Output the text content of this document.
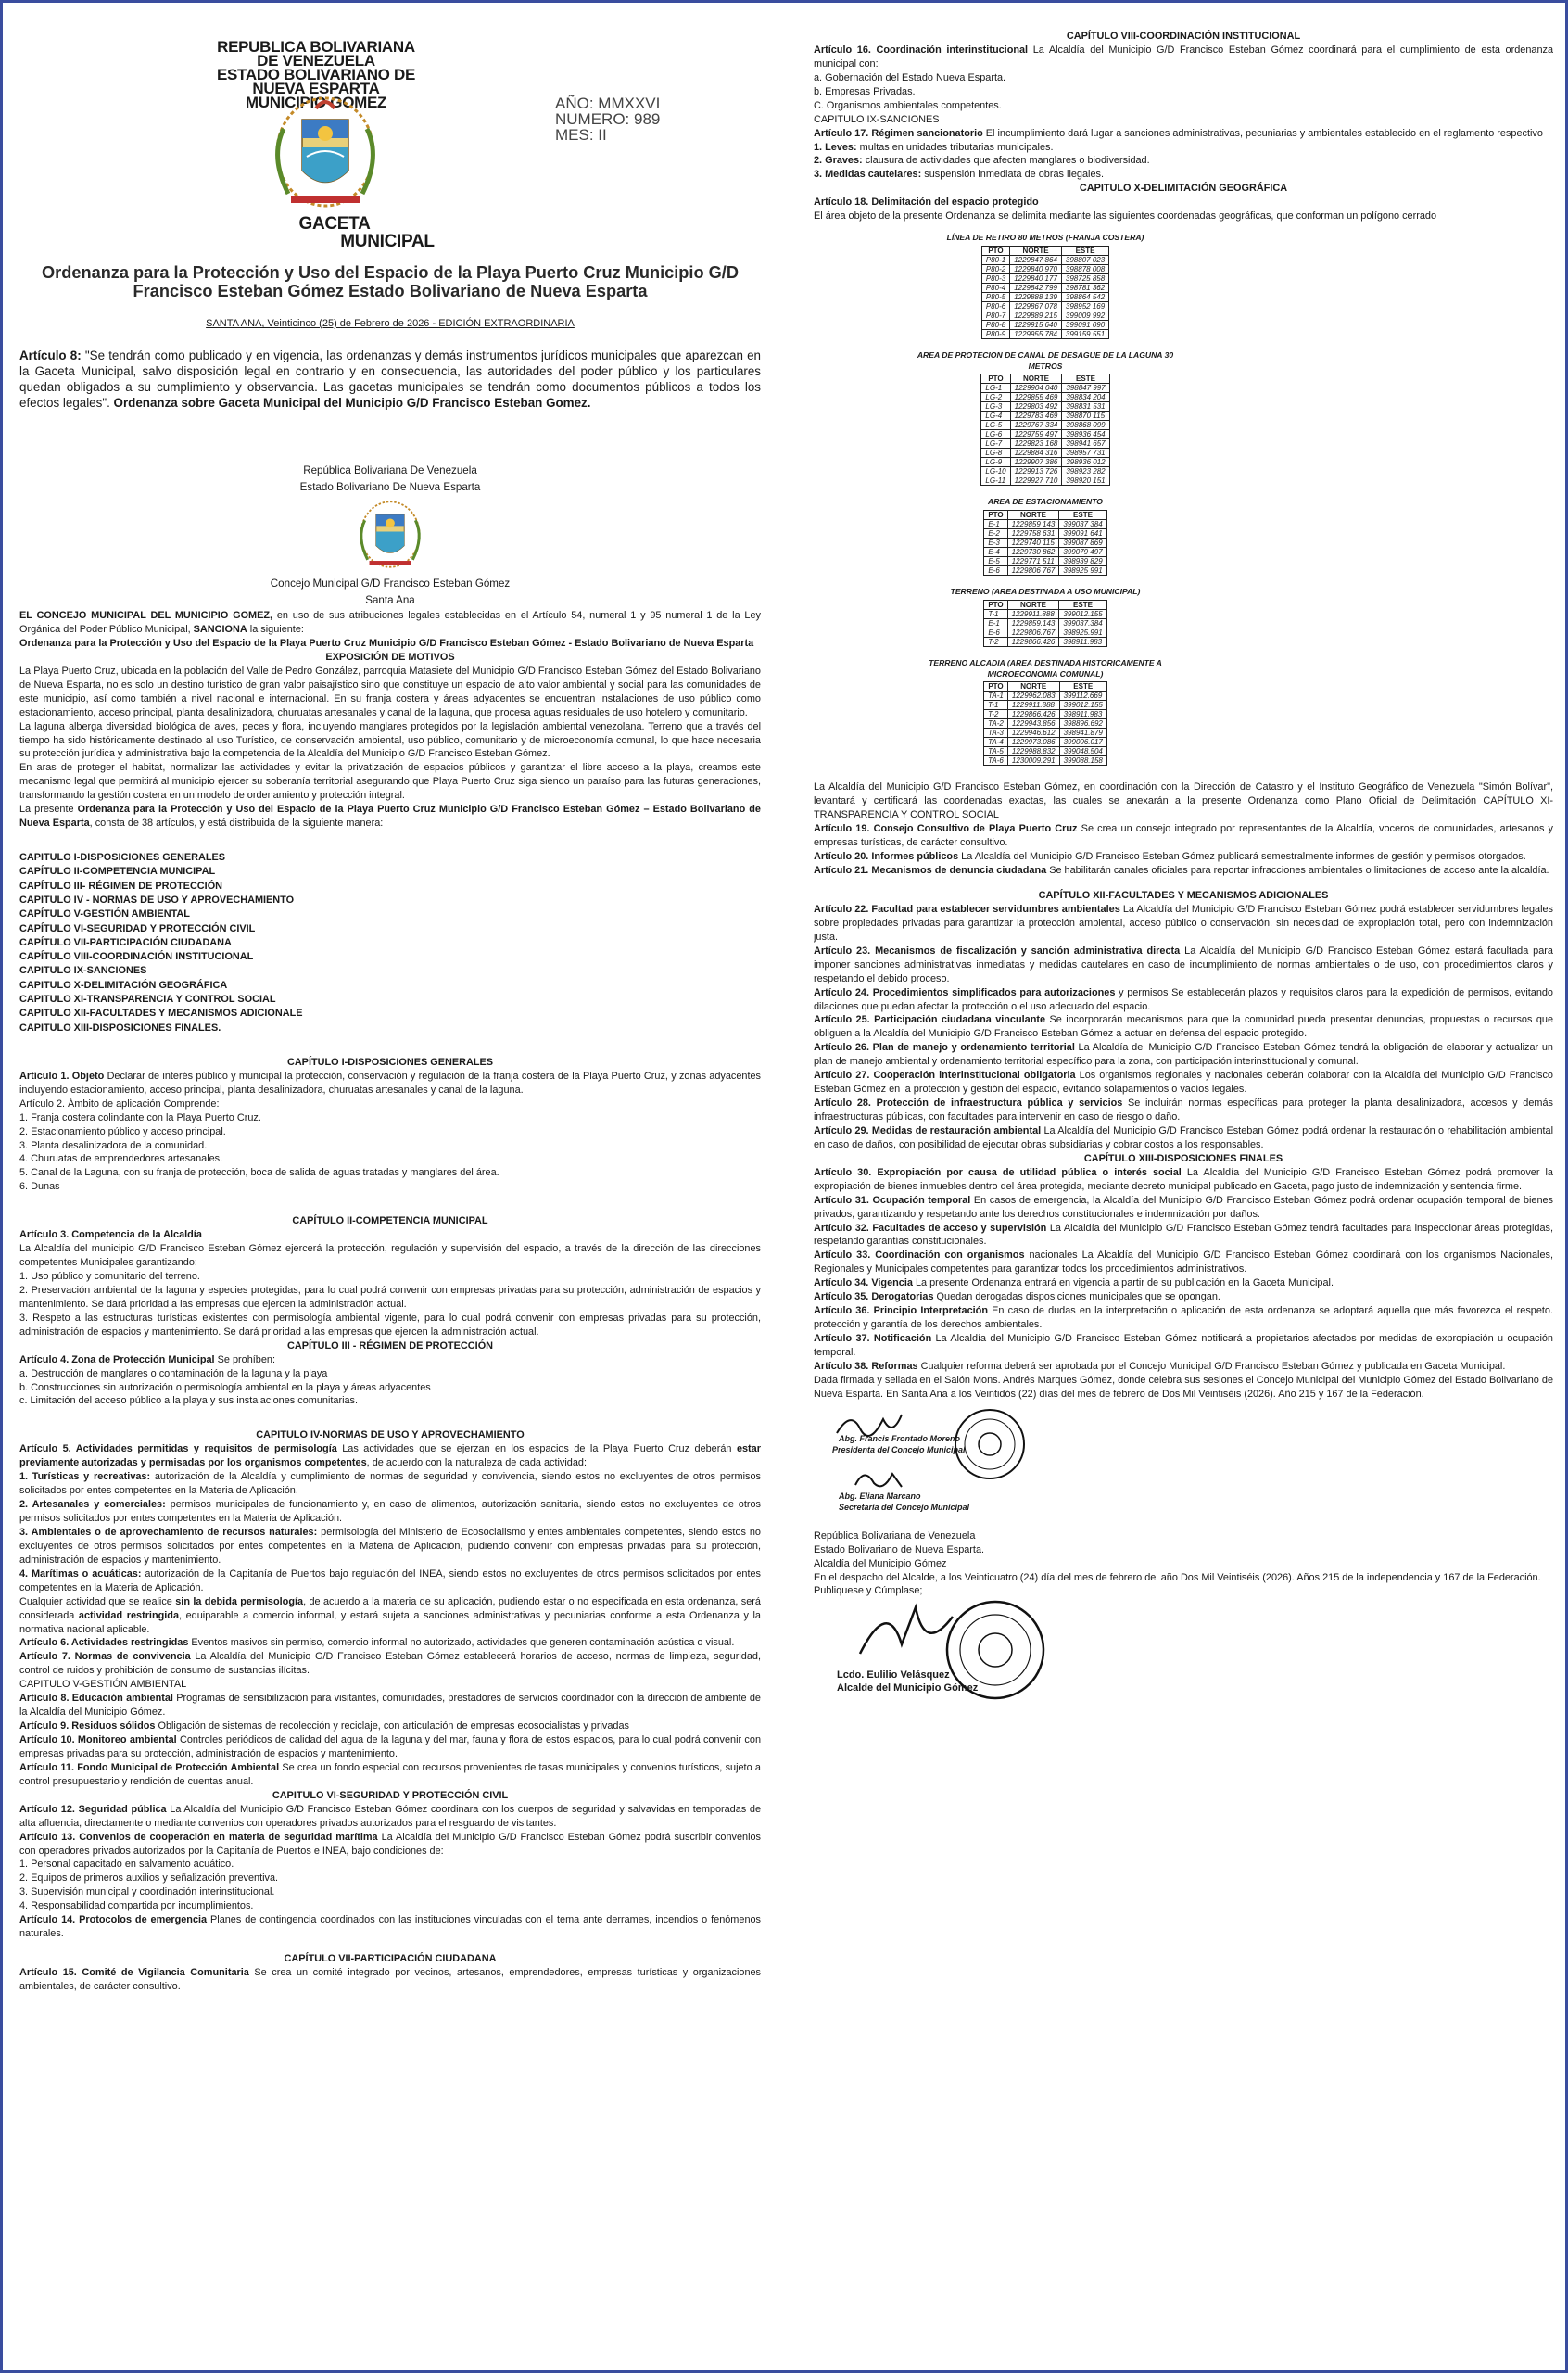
REPUBLICA BOLIVARIANA DE VENEZUELA
ESTADO BOLIVARIANO DE NUEVA ESPARTA
MUNICIPIO GOMEZ
GACETA
AÑO: MMXXVI
NUMERO: 989
MES: II
MUNICIPAL
Ordenanza para la Protección y Uso del Espacio de la Playa Puerto Cruz Municipio G/D Francisco Esteban Gómez Estado Bolivariano de Nueva Esparta
SANTA ANA, Veinticinco (25) de Febrero de 2026 - EDICIÓN EXTRAORDINARIA

Artículo 8: "Se tendrán como publicado y en vigencia, las ordenanzas y demás instrumentos jurídicos municipales que aparezcan en la Gaceta Municipal, salvo disposición legal en contrario y en consecuencia, las autoridades del poder público y los particulares quedan obligados a su cumplimiento y observancia. Las gacetas municipales se tendrán como documentos públicos a todos los efectos legales". Ordenanza sobre Gaceta Municipal del Municipio G/D Francisco Esteban Gomez.

República Bolivariana De Venezuela
Estado Bolivariano De Nueva Esparta
Concejo Municipal G/D Francisco Esteban Gómez
Santa Ana

EL CONCEJO MUNICIPAL DEL MUNICIPIO GOMEZ, en uso de sus atribuciones legales establecidas en el Artículo 54, numeral 1 y 95 numeral 1 de la Ley Orgánica del Poder Público Municipal, SANCIONA la siguiente:

Ordenanza para la Protección y Uso del Espacio de la Playa Puerto Cruz Municipio G/D Francisco Esteban Gómez - Estado Bolivariano de Nueva Esparta

EXPOSICIÓN DE MOTIVOS

La Playa Puerto Cruz, ubicada en la población del Valle de Pedro González, parroquia Matasiete del Municipio G/D Francisco Esteban Gómez del Estado Bolivariano de Nueva Esparta, no es solo un destino turístico de gran valor paisajístico sino que constituye un espacio de alto valor ambiental y social para las comunidades de este municipio, así como también a nivel nacional e internacional. En su franja costera y áreas adyacentes se encuentran instalaciones de uso público como estacionamiento, acceso principal, planta desalinizadora, churuatas artesanales y canal de la laguna, que procesa aguas residuales de uso hotelero y comunitario.

La laguna alberga diversidad biológica de aves, peces y flora, incluyendo manglares protegidos por la legislación ambiental venezolana. Terreno que a través del tiempo ha sido históricamente destinado al uso Turístico, de conservación ambiental, uso público, comunitario y de microeconomía comunal, lo que hace necesaria su protección jurídica y administrativa bajo la competencia de la Alcaldía del Municipio G/D Francisco Esteban Gómez.

En aras de proteger el habitat, normalizar las actividades y evitar la privatización de espacios públicos y garantizar el libre acceso a la playa, creamos este mecanismo legal que permitirá al municipio ejercer su soberanía territorial asegurando que Playa Puerto Cruz siga siendo un paraíso para las futuras generaciones, transformando la gestión costera en un modelo de ordenamiento y protección integral.

La presente Ordenanza para la Protección y Uso del Espacio de la Playa Puerto Cruz Municipio G/D Francisco Esteban Gómez – Estado Bolivariano de Nueva Esparta, consta de 38 artículos, y está distribuida de la siguiente manera:

CAPITULO I-DISPOSICIONES GENERALES
CAPÍTULO II-COMPETENCIA MUNICIPAL
CAPÍTULO III- RÉGIMEN DE PROTECCIÓN
CAPITULO IV - NORMAS DE USO Y APROVECHAMIENTO
CAPÍTULO V-GESTIÓN AMBIENTAL
CAPÍTULO VI-SEGURIDAD Y PROTECCIÓN CIVIL
CAPÍTULO VII-PARTICIPACIÓN CIUDADANA
CAPÍTULO VIII-COORDINACIÓN INSTITUCIONAL
CAPITULO IX-SANCIONES
CAPITULO X-DELIMITACIÓN GEOGRÁFICA
CAPITULO XI-TRANSPARENCIA Y CONTROL SOCIAL
CAPITULO XII-FACULTADES Y MECANISMOS ADICIONALE
CAPITULO XIII-DISPOSICIONES FINALES.

CAPÍTULO I-DISPOSICIONES GENERALES

Artículo 1. Objeto Declarar de interés público y municipal la protección, conservación y regulación de la franja costera de la Playa Puerto Cruz, y zonas adyacentes incluyendo estacionamiento, acceso principal, planta desalinizadora, churuatas artesanales y canal de la laguna.

Artículo 2. Ámbito de aplicación Comprende:

1. Franja costera colindante con la Playa Puerto Cruz.

2. Estacionamiento público y acceso principal.

3. Planta desalinizadora de la comunidad.

4. Churuatas de emprendedores artesanales.

5. Canal de la Laguna, con su franja de protección, boca de salida de aguas tratadas y manglares del área.

6. Dunas

CAPÍTULO II-COMPETENCIA MUNICIPAL

Artículo 3. Competencia de la Alcaldía

La Alcaldía del municipio G/D Francisco Esteban Gómez ejercerá la protección, regulación y supervisión del espacio, a través de la dirección de las direcciones competentes Municipales garantizando:

1. Uso público y comunitario del terreno.

2. Preservación ambiental de la laguna y especies protegidas, para lo cual podrá convenir con empresas privadas para su protección, administración de espacios y mantenimiento. Se dará prioridad a las empresas que ejercen la administración actual.

3. Respeto a las estructuras turísticas existentes con permisología ambiental vigente, para lo cual podrá convenir con empresas privadas para su protección, administración de espacios y mantenimiento. Se dará prioridad a las empresas que ejercen la administración actual.

CAPÍTULO III - RÉGIMEN DE PROTECCIÓN

Artículo 4. Zona de Protección Municipal Se prohíben:

a. Destrucción de manglares o contaminación de la laguna y la playa

b. Construcciones sin autorización o permisología ambiental en la playa y áreas adyacentes

c. Limitación del acceso público a la playa y sus instalaciones comunitarias.

CAPITULO IV-NORMAS DE USO Y APROVECHAMIENTO

Artículo 5. Actividades permitidas y requisitos de permisología Las actividades que se ejerzan en los espacios de la Playa Puerto Cruz deberán estar previamente autorizadas y permisadas por los organismos competentes, de acuerdo con la naturaleza de cada actividad:

1. Turísticas y recreativas: autorización de la Alcaldía y cumplimiento de normas de seguridad y convivencia, siendo estos no excluyentes de otros permisos solicitados por entes competentes en la Materia de Aplicación.

2. Artesanales y comerciales: permisos municipales de funcionamiento y, en caso de alimentos, autorización sanitaria, siendo estos no excluyentes de otros permisos solicitados por entes competentes en la Materia de Aplicación.

3. Ambientales o de aprovechamiento de recursos naturales: permisología del Ministerio de Ecosocialismo y entes ambientales competentes, siendo estos no excluyentes de otros permisos solicitados por entes competentes en la Materia de Aplicación, pudiendo convenir con empresas privadas para su protección, administración de espacios y mantenimiento.

4. Marítimas o acuáticas: autorización de la Capitanía de Puertos bajo regulación del INEA, siendo estos no excluyentes de otros permisos solicitados por entes competentes en la Materia de Aplicación.

Cualquier actividad que se realice sin la debida permisología, de acuerdo a la materia de su aplicación, pudiendo estar o no especificada en esta ordenanza, será considerada actividad restringida, equiparable a comercio informal, y estará sujeta a sanciones administrativas y pecuniarias conforme a esta Ordenanza y la normativa nacional aplicable.

Artículo 6. Actividades restringidas Eventos masivos sin permiso, comercio informal no autorizado, actividades que generen contaminación acústica o visual.

Artículo 7. Normas de convivencia La Alcaldía del Municipio G/D Francisco Esteban Gómez establecerá horarios de acceso, normas de limpieza, seguridad, control de ruidos y prohibición de consumo de sustancias ilícitas.

CAPITULO V-GESTIÓN AMBIENTAL

Artículo 8. Educación ambiental Programas de sensibilización para visitantes, comunidades, prestadores de servicios coordinador con la dirección de ambiente de la Alcaldía del Municipio Gómez.

Artículo 9. Residuos sólidos Obligación de sistemas de recolección y reciclaje, con articulación de empresas ecosocialistas y privadas

Artículo 10. Monitoreo ambiental Controles periódicos de calidad del agua de la laguna y del mar, fauna y flora de estos espacios, para lo cual podrá convenir con empresas privadas para su protección, administración de espacios y mantenimiento.

Artículo 11. Fondo Municipal de Protección Ambiental Se crea un fondo especial con recursos provenientes de tasas municipales y convenios turísticos, sujeto a control presupuestario y rendición de cuentas anual.

CAPITULO VI-SEGURIDAD Y PROTECCIÓN CIVIL

Artículo 12. Seguridad pública La Alcaldía del Municipio G/D Francisco Esteban Gómez coordinara con los cuerpos de seguridad y salvavidas en temporadas de alta afluencia, directamente o mediante convenios con operadores privados autorizados para el resguardo de visitantes.

Artículo 13. Convenios de cooperación en materia de seguridad marítima La Alcaldía del Municipio G/D Francisco Esteban Gómez podrá suscribir convenios con operadores privados autorizados por la Capitanía de Puertos e INEA, bajo condiciones de:

1. Personal capacitado en salvamento acuático.

2. Equipos de primeros auxilios y señalización preventiva.

3. Supervisión municipal y coordinación interinstitucional.

4. Responsabilidad compartida por incumplimientos.

Artículo 14. Protocolos de emergencia Planes de contingencia coordinados con las instituciones vinculadas con el tema ante derrames, incendios o fenómenos naturales.

CAPÍTULO VII-PARTICIPACIÓN CIUDADANA

Artículo 15. Comité de Vigilancia Comunitaria Se crea un comité integrado por vecinos, artesanos, emprendedores, empresas turísticas y organizaciones ambientales, de carácter consultivo.

CAPÍTULO VIII-COORDINACIÓN INSTITUCIONAL

Artículo 16. Coordinación interinstitucional La Alcaldía del Municipio G/D Francisco Esteban Gómez coordinará para el cumplimiento de esta ordenanza municipal con:

a. Gobernación del Estado Nueva Esparta.

b. Empresas Privadas.

C. Organismos ambientales competentes.

CAPITULO IX-SANCIONES

Artículo 17. Régimen sancionatorio El incumplimiento dará lugar a sanciones administrativas, pecuniarias y ambientales establecido en el reglamento respectivo

1. Leves: multas en unidades tributarias municipales.

2. Graves: clausura de actividades que afecten manglares o biodiversidad.

3. Medidas cautelares: suspensión inmediata de obras ilegales.

CAPITULO X-DELIMITACIÓN GEOGRÁFICA

Artículo 18. Delimitación del espacio protegido

El área objeto de la presente Ordenanza se delimita mediante las siguientes coordenadas geográficas, que conforman un polígono cerrado

LÍNEA DE RETIRO 80 METROS (FRANJA COSTERA)
PTO	NORTE	ESTE
P80-1	1229847 864	398807 023
P80-2	1229840 970	398878 008
P80-3	1229840 177	398725 858
P80-4	1229842 799	398781 362
P80-5	1229888 139	398864 542
P80-6	1229867 078	398952 169
P80-7	1229889 215	399009 992
P80-8	1229915 640	399091 090
P80-9	1229955 784	399159 551
AREA DE PROTECION DE CANAL DE DESAGUE DE LA LAGUNA 30 METROS
PTO	NORTE	ESTE
LG-1	1229904 040	398847 997
LG-2	1229855 469	398834 204
LG-3	1229803 492	398831 531
LG-4	1229783 469	398870 115
LG-5	1229767 334	398868 099
LG-6	1229759 497	398936 454
LG-7	1229823 168	398941 657
LG-8	1229884 316	398957 731
LG-9	1229907 386	398936 012
LG-10	1229913 726	398923 282
LG-11	1229927 710	398920 151
AREA DE ESTACIONAMIENTO
PTO	NORTE	ESTE
E-1	1229859 143	399037 384
E-2	1229758 631	399091 641
E-3	1229740 115	399087 869
E-4	1229730 862	399079 497
E-5	1229771 511	398939 829
E-6	1229806 767	398925 991
TERRENO (AREA DESTINADA A USO MUNICIPAL)
PTO	NORTE	ESTE
T-1	1229911.888	399012.155
E-1	1229859.143	399037.384
E-6	1229806.767	398925.991
T-2	1229866.426	398911.983
TERRENO ALCADIA (AREA DESTINADA HISTORICAMENTE A MICROECONOMIA COMUNAL)
PTO	NORTE	ESTE
TA-1	1229962.083	399112.669
T-1	1229911.888	399012.155
T-2	1229866.426	398911.983
TA-2	1229943.856	398896.692
TA-3	1229946.612	398941.879
TA-4	1229973.086	399006.017
TA-5	1229988.832	399048.504
TA-6	1230009.291	399088.158

La Alcaldía del Municipio G/D Francisco Esteban Gómez, en coordinación con la Dirección de Catastro y el Instituto Geográfico de Venezuela "Simón Bolívar", levantará y certificará las coordenadas exactas, las cuales se anexarán a la presente Ordenanza como Plano Oficial de Delimitación CAPÍTULO XI-TRANSPARENCIA Y CONTROL SOCIAL

Artículo 19. Consejo Consultivo de Playa Puerto Cruz Se crea un consejo integrado por representantes de la Alcaldía, voceros de comunidades, artesanos y empresas turísticas, de carácter consultivo.

Artículo 20. Informes públicos La Alcaldía del Municipio G/D Francisco Esteban Gómez publicará semestralmente informes de gestión y permisos otorgados.

Artículo 21. Mecanismos de denuncia ciudadana Se habilitarán canales oficiales para reportar infracciones ambientales o limitaciones de acceso ante la alcaldía.

CAPÍTULO XII-FACULTADES Y MECANISMOS ADICIONALES

Artículo 22. Facultad para establecer servidumbres ambientales La Alcaldía del Municipio G/D Francisco Esteban Gómez podrá establecer servidumbres legales sobre propiedades privadas para garantizar la protección ambiental, acceso público o conservación, sin necesidad de expropiación total, pero con indemnización justa.

Artículo 23. Mecanismos de fiscalización y sanción administrativa directa La Alcaldía del Municipio G/D Francisco Esteban Gómez estará facultada para imponer sanciones administrativas inmediatas y medidas cautelares en caso de incumplimiento de normas ambientales o de uso, con procedimientos claros y respetando el debido proceso.

Artículo 24. Procedimientos simplificados para autorizaciones y permisos Se establecerán plazos y requisitos claros para la expedición de permisos, evitando dilaciones que puedan afectar la protección o el uso adecuado del espacio.

Artículo 25. Participación ciudadana vinculante Se incorporarán mecanismos para que la comunidad pueda presentar denuncias, propuestas o recursos que obliguen a la Alcaldía del Municipio G/D Francisco Esteban Gómez a actuar en defensa del espacio protegido.

Artículo 26. Plan de manejo y ordenamiento territorial La Alcaldía del Municipio G/D Francisco Esteban Gómez tendrá la obligación de elaborar y actualizar un plan de manejo ambiental y ordenamiento territorial específico para la zona, con participación interinstitucional y comunal.

Artículo 27. Cooperación interinstitucional obligatoria Los organismos regionales y nacionales deberán colaborar con la Alcaldía del Municipio G/D Francisco Esteban Gómez en la protección y gestión del espacio, evitando solapamientos o vacíos legales.

Artículo 28. Protección de infraestructura pública y servicios Se incluirán normas específicas para proteger la planta desalinizadora, accesos y demás infraestructuras públicas, con facultades para intervenir en caso de riesgo o daño.

Artículo 29. Medidas de restauración ambiental La Alcaldía del Municipio G/D Francisco Esteban Gómez podrá ordenar la restauración o rehabilitación ambiental en caso de daños, con posibilidad de ejecutar obras subsidiarias y cobrar costos a los responsables.

CAPÍTULO XIII-DISPOSICIONES FINALES

Artículo 30. Expropiación por causa de utilidad pública o interés social La Alcaldía del Municipio G/D Francisco Esteban Gómez podrá promover la expropiación de bienes inmuebles dentro del área protegida, mediante decreto municipal publicado en Gaceta, pago justo de indemnización y sentencia firme.

Artículo 31. Ocupación temporal En casos de emergencia, la Alcaldía del Municipio G/D Francisco Esteban Gómez podrá ordenar ocupación temporal de bienes privados, garantizando y respetando ante los derechos constitucionales e indemnización por daños.

Artículo 32. Facultades de acceso y supervisión La Alcaldía del Municipio G/D Francisco Esteban Gómez tendrá facultades para inspeccionar áreas protegidas, respetando garantías constitucionales.

Artículo 33. Coordinación con organismos nacionales La Alcaldía del Municipio G/D Francisco Esteban Gómez coordinará con los organismos Nacionales, Regionales y Municipales competentes para garantizar todos los procedimientos administrativos.

Artículo 34. Vigencia La presente Ordenanza entrará en vigencia a partir de su publicación en la Gaceta Municipal.

Artículo 35. Derogatorias Quedan derogadas disposiciones municipales que se opongan.

Artículo 36. Principio Interpretación En caso de dudas en la interpretación o aplicación de esta ordenanza se adoptará aquella que más favorezca el respeto. protección y garantía de los derechos ambientales.

Artículo 37. Notificación La Alcaldía del Municipio G/D Francisco Esteban Gómez notificará a propietarios afectados por medidas de expropiación u ocupación temporal.

Artículo 38. Reformas Cualquier reforma deberá ser aprobada por el Concejo Municipal G/D Francisco Esteban Gómez y publicada en Gaceta Municipal.

Dada firmada y sellada en el Salón Mons. Andrés Marques Gómez, donde celebra sus sesiones el Concejo Municipal del Municipio Gómez del Estado Bolivariano de Nueva Esparta. En Santa Ana a los Veintidós (22) días del mes de febrero de Dos Mil Veintiséis (2026). Año 215 y 167 de la Federación.

Abg. Francis Frontado Moreno
Presidenta del Concejo Municipal
Abg. Eliana Marcano
Secretaria del Concejo Municipal

República Bolivariana de Venezuela

Estado Bolivariano de Nueva Esparta.

Alcaldía del Municipio Gómez

En el despacho del Alcalde, a los Veinticuatro (24) día del mes de febrero del año Dos Mil Veintiséis (2026). Años 215 de la independencia y 167 de la Federación.

Publiquese y Cúmplase;

Lcdo. Eulilio Velásquez
Alcalde del Municipio Gómez
